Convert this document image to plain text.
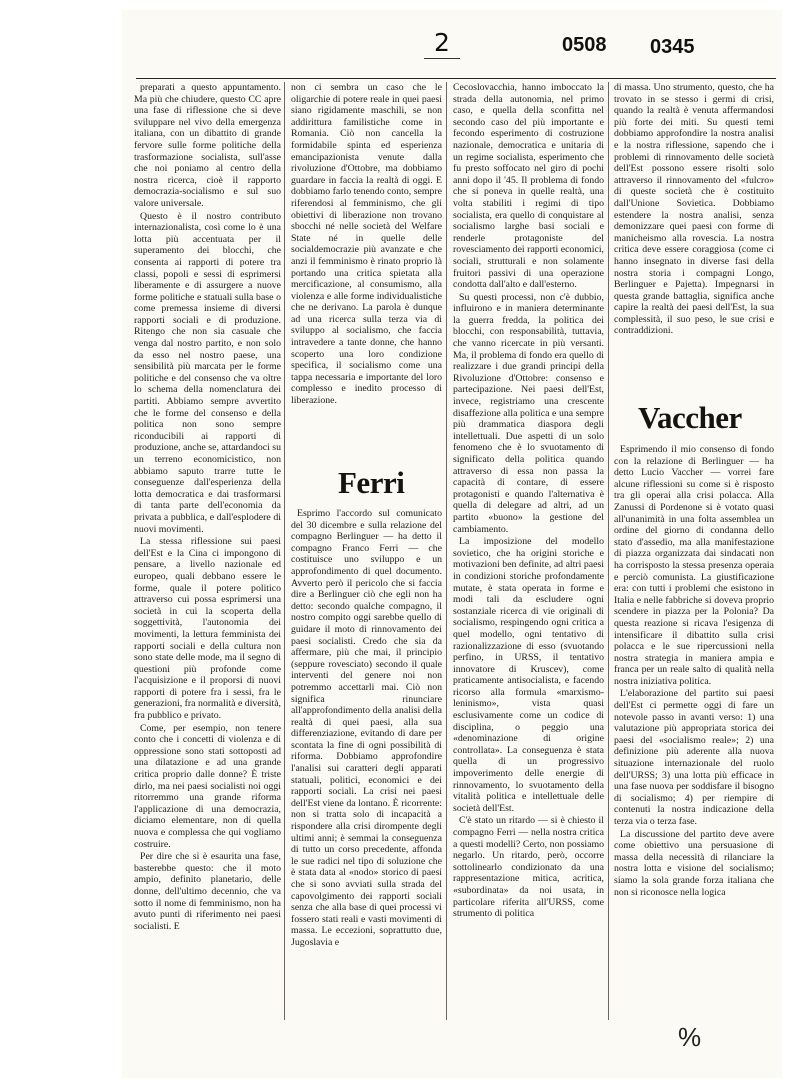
2	0508 0345

preparati a questo appuntamento. Ma più che chiudere, questo CC apre una fase di riflessione che si deve sviluppare nel vivo della emergenza italiana, con un dibattito di grande fervore sulle forme politiche della trasformazione socialista, sull'asse che noi poniamo al centro della nostra ricerca, cioè il rapporto democrazia-socialismo e sul suo valore universale.

Questo è il nostro contributo internazionalista, così come lo è una lotta più accentuata per il superamento dei blocchi, che consenta ai rapporti di potere tra classi, popoli e sessi di esprimersi liberamente e di assurgere a nuove forme politiche e statuali sulla base o come premessa insieme di diversi rapporti sociali e di produzione. Ritengo che non sia casuale che venga dal nostro partito, e non solo da esso nel nostro paese, una sensibilità più marcata per le forme politiche e del consenso che va oltre lo schema della nomenclatura dei partiti. Abbiamo sempre avvertito che le forme del consenso e della politica non sono sempre riconducibili ai rapporti di produzione, anche se, attardandoci su un terreno economicistico, non abbiamo saputo trarre tutte le conseguenze dall'esperienza della lotta democratica e dai trasformarsi di tanta parte dell'economia da privata a pubblica, e dall'esplodere di nuovi movimenti.

La stessa riflessione sui paesi dell'Est e la Cina ci impongono di pensare, a livello nazionale ed europeo, quali debbano essere le forme, quale il potere politico attraverso cui possa esprimersi una società in cui la scoperta della soggettività, l'autonomia dei movimenti, la lettura femminista dei rapporti sociali e della cultura non sono state delle mode, ma il segno di questioni più profonde come l'acquisizione e il proporsi di nuovi rapporti di potere fra i sessi, fra le generazioni, fra normalità e diversità, fra pubblico e privato.

Come, per esempio, non tenere conto che i concetti di violenza e di oppressione sono stati sottoposti ad una dilatazione e ad una grande critica proprio dalle donne? È triste dirlo, ma nei paesi socialisti noi oggi ritorremmo una grande riforma l'applicazione di una democrazia, diciamo elementare, non di quella nuova e complessa che qui vogliamo costruire.

Per dire che si è esaurita una fase, basterebbe questo: che il moto ampio, definito planetario, delle donne, dell'ultimo decennio, che va sotto il nome di femminismo, non ha avuto punti di riferimento nei paesi socialisti. E

non ci sembra un caso che le oligarchie di potere reale in quei paesi siano rigidamente maschili, se non addirittura familistiche come in Romania. Ciò non cancella la formidabile spinta ed esperienza emancipazionista venute dalla rivoluzione d'Ottobre, ma dobbiamo guardare in faccia la realtà di oggi. E dobbiamo farlo tenendo conto, sempre riferendosi al femminismo, che gli obiettivi di liberazione non trovano sbocchi né nelle società del Welfare State né in quelle delle socialdemocrazie più avanzate e che anzi il femminismo è rinato proprio là portando una critica spietata alla mercificazione, al consumismo, alla violenza e alle forme individualistiche che ne derivano. La parola è dunque ad una ricerca sulla terza via di sviluppo al socialismo, che faccia intravedere a tante donne, che hanno scoperto una loro condizione specifica, il socialismo come una tappa necessaria e importante del loro complesso e inedito processo di liberazione.

Ferri

Esprimo l'accordo sul comunicato del 30 dicembre e sulla relazione del compagno Berlinguer — ha detto il compagno Franco Ferri — che costituisce uno sviluppo e un approfondimento di quel documento. Avverto però il pericolo che si faccia dire a Berlinguer ciò che egli non ha detto: secondo qualche compagno, il nostro compito oggi sarebbe quello di guidare il moto di rinnovamento dei paesi socialisti. Credo che sia da affermare, più che mai, il principio (seppure rovesciato) secondo il quale interventi del genere noi non potremmo accettarli mai. Ciò non significa rinunciare all'approfondimento della analisi della realtà di quei paesi, alla sua differenziazione, evitando di dare per scontata la fine di ogni possibilità di riforma. Dobbiamo approfondire l'analisi sui caratteri degli apparati statuali, politici, economici e dei rapporti sociali. La crisi nei paesi dell'Est viene da lontano. È ricorrente: non si tratta solo di incapacità a rispondere alla crisi dirompente degli ultimi anni; è semmai la conseguenza di tutto un corso precedente, affonda le sue radici nel tipo di soluzione che è stata data al «nodo» storico di paesi che si sono avviati sulla strada del capovolgimento dei rapporti sociali senza che alla base di quei processi vi fossero stati reali e vasti movimenti di massa. Le eccezioni, soprattutto due, Jugoslavia e

Cecoslovacchia, hanno imboccato la strada della autonomia, nel primo caso, e quella della sconfitta nel secondo caso del più importante e fecondo esperimento di costruzione nazionale, democratica e unitaria di un regime socialista, esperimento che fu presto soffocato nel giro di pochi anni dopo il '45. Il problema di fondo che si poneva in quelle realtà, una volta stabiliti i regimi di tipo socialista, era quello di conquistare al socialismo larghe basi sociali e renderle protagoniste del rovesciamento dei rapporti economici, sociali, strutturali e non solamente fruitori passivi di una operazione condotta dall'alto e dall'esterno.

Su questi processi, non c'è dubbio, influirono e in maniera determinante la guerra fredda, la politica dei blocchi, con responsabilità, tuttavia, che vanno ricercate in più versanti. Ma, il problema di fondo era quello di realizzare i due grandi principi della Rivoluzione d'Ottobre: consenso e partecipazione. Nei paesi dell'Est, invece, registriamo una crescente disaffezione alla politica e una sempre più drammatica diaspora degli intellettuali. Due aspetti di un solo fenomeno che è lo svuotamento di significato della politica quando attraverso di essa non passa la capacità di contare, di essere protagonisti e quando l'alternativa è quella di delegare ad altri, ad un partito «buono» la gestione del cambiamento.

La imposizione del modello sovietico, che ha origini storiche e motivazioni ben definite, ad altri paesi in condizioni storiche profondamente mutate, è stata operata in forme e modi tali da escludere ogni sostanziale ricerca di vie originali di socialismo, respingendo ogni critica a quel modello, ogni tentativo di razionalizzazione di esso (svuotando perfino, in URSS, il tentativo innovatore di Kruscev), come praticamente antisocialista, e facendo ricorso alla formula «marxismo-leninismo», vista quasi esclusivamente come un codice di disciplina, o peggio una «denominazione di origine controllata». La conseguenza è stata quella di un progressivo impoverimento delle energie di rinnovamento, lo svuotamento della vitalità politica e intellettuale delle società dell'Est.

C'è stato un ritardo — si è chiesto il compagno Ferri — nella nostra critica a questi modelli? Certo, non possiamo negarlo. Un ritardo, però, occorre sottolinearlo condizionato da una rappresentazione mitica, acritica, «subordinata» da noi usata, in particolare riferita all'URSS, come strumento di politica

di massa. Uno strumento, questo, che ha trovato in se stesso i germi di crisi, quando la realtà è venuta affermandosi più forte dei miti. Su questi temi dobbiamo approfondire la nostra analisi e la nostra riflessione, sapendo che i problemi di rinnovamento delle società dell'Est possono essere risolti solo attraverso il rinnovamento del «fulcro» di queste società che è costituito dall'Unione Sovietica. Dobbiamo estendere la nostra analisi, senza demonizzare quei paesi con forme di manicheismo alla rovescia. La nostra critica deve essere coraggiosa (come ci hanno insegnato in diverse fasi della nostra storia i compagni Longo, Berlinguer e Pajetta). Impegnarsi in questa grande battaglia, significa anche capire la realtà dei paesi dell'Est, la sua complessità, il suo peso, le sue crisi e contraddizioni.

Vaccher

Esprimendo il mio consenso di fondo con la relazione di Berlinguer — ha detto Lucio Vaccher — vorrei fare alcune riflessioni su come si è risposto tra gli operai alla crisi polacca. Alla Zanussi di Pordenone si è votato quasi all'unanimità in una folta assemblea un ordine del giorno di condanna dello stato d'assedio, ma alla manifestazione di piazza organizzata dai sindacati non ha corrisposto la stessa presenza operaia e perciò comunista. La giustificazione era: con tutti i problemi che esistono in Italia e nelle fabbriche si doveva proprio scendere in piazza per la Polonia? Da questa reazione si ricava l'esigenza di intensificare il dibattito sulla crisi polacca e le sue ripercussioni nella nostra strategia in maniera ampia e franca per un reale salto di qualità nella nostra iniziativa politica.

L'elaborazione del partito sui paesi dell'Est ci permette oggi di fare un notevole passo in avanti verso: 1) una valutazione più appropriata storica dei paesi del «socialismo reale»; 2) una definizione più aderente alla nuova situazione internazionale del ruolo dell'URSS; 3) una lotta più efficace in una fase nuova per soddisfare il bisogno di socialismo; 4) per riempire di contenuti la nostra indicazione della terza via o terza fase.

La discussione del partito deve avere come obiettivo una persuasione di massa della necessità di rilanciare la nostra lotta e visione del socialismo; siamo la sola grande forza italiana che non si riconosce nella logica

%
